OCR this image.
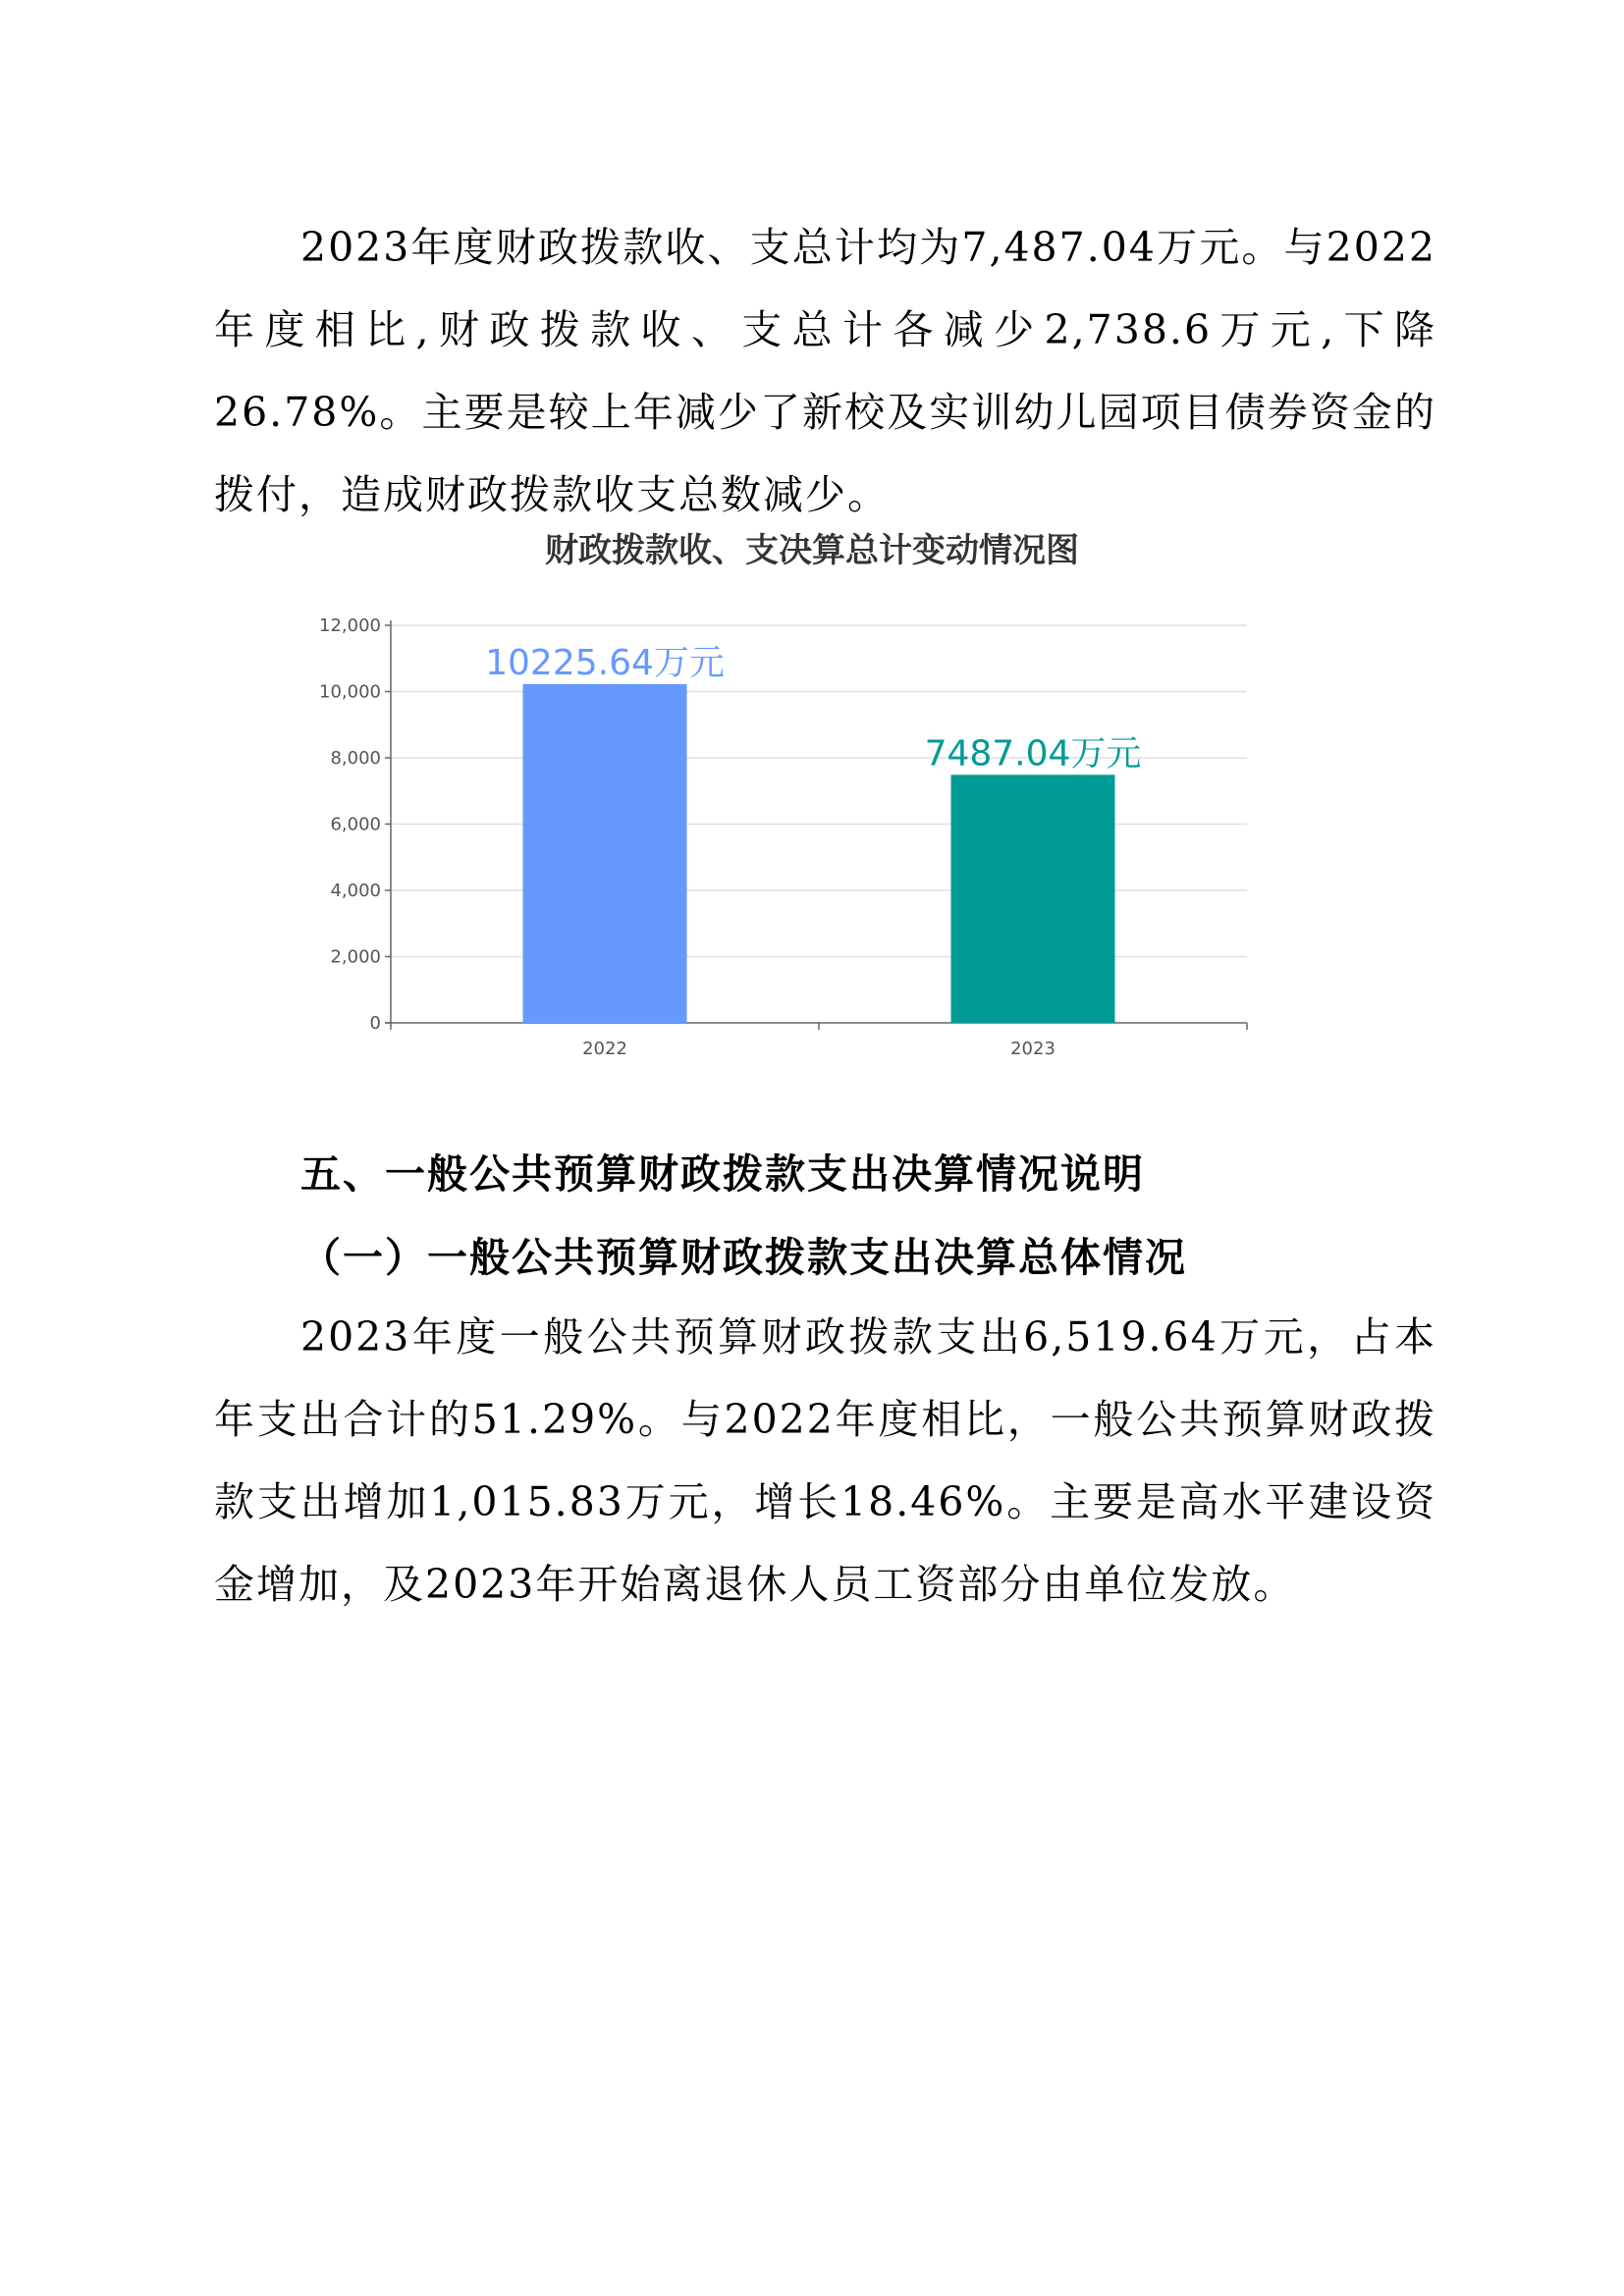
2023年度财政拨款收、支总计均为7,487.04万元。与2022年度相比,财政拨款收、支总计各减少2,738.6万元,下降26.78%。主要是较上年减少了新校及实训幼儿园项目债券资金的拨付，造成财政拨款收支总数减少。

财政拨款收、支决算总计变动情况图
0
2,000
4,000
6,000
8,000
10,000
12,000
10225.64万元
2022
7487.04万元
2023
五、一般公共预算财政拨款支出决算情况说明
（一）一般公共预算财政拨款支出决算总体情况

2023年度一般公共预算财政拨款支出6,519.64万元，占本年支出合计的51.29%。与2022年度相比，一般公共预算财政拨款支出增加1,015.83万元，增长18.46%。主要是高水平建设资金增加，及2023年开始离退休人员工资部分由单位发放。
